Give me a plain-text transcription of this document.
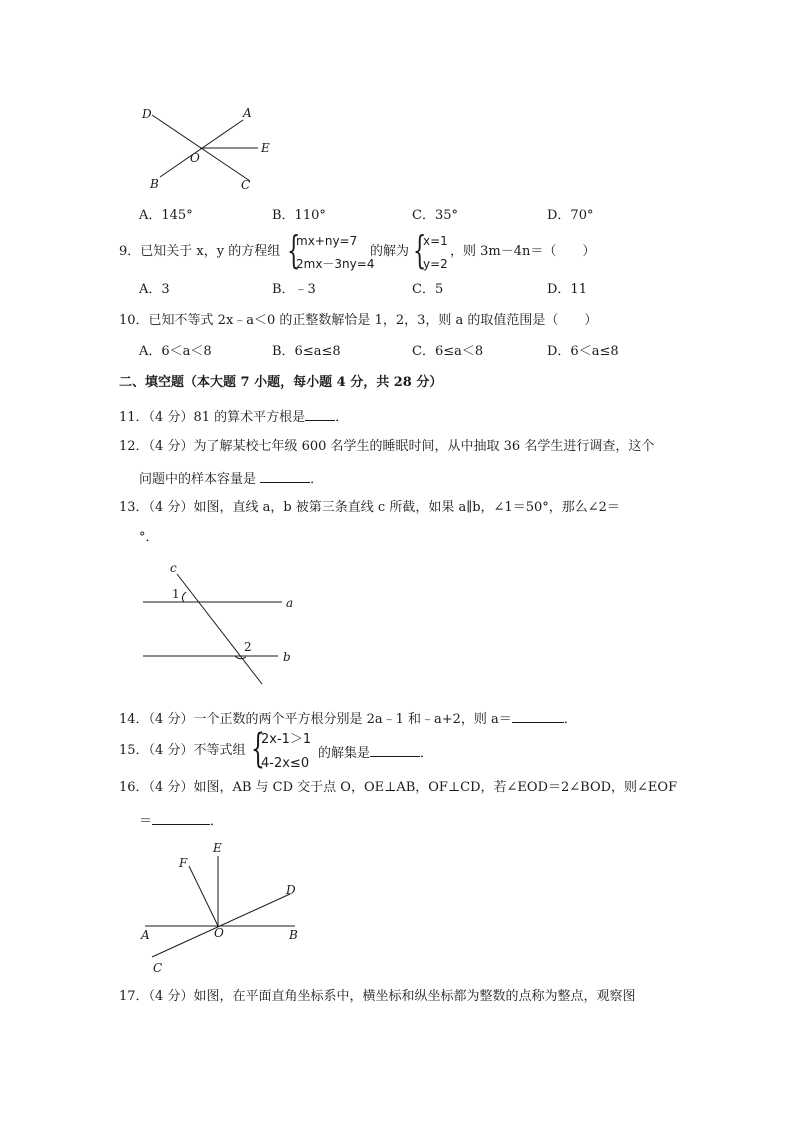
D	A
E
O
B	C
A．145°	B．110°	C．35°	D．70°
9．已知关于 x，y 的方程组 {
mx+ny=7
2mx－3ny=4
的解为 {
x=1
y=2
，则 3m－4n＝（　　）
A．3	B．﹣3	C．5	D．11
10．已知不等式 2x﹣a＜0 的正整数解恰是 1，2，3，则 a 的取值范围是（　　）
A．6＜a＜8	B．6≤a≤8	C．6≤a＜8	D．6＜a≤8
二、填空题（本大题 7 小题，每小题 4 分，共 28 分）
11．（4 分）81 的算术平方根是 ．
12．（4 分）为了解某校七年级 600 名学生的睡眠时间，从中抽取 36 名学生进行调查，这个
问题中的样本容量是	．
13．（4 分）如图，直线 a，b 被第三条直线 c 所截，如果 a∥b，∠1＝50°，那么∠2＝
°．
c
a
b
1
2
14．（4 分）一个正数的两个平方根分别是 2a﹣1 和﹣a+2，则 a＝	．
15．（4 分）不等式组 {
2x-1＞1
4-2x≤0
的解集是	．
16．（4 分）如图，AB 与 CD 交于点 O，OE⊥AB，OF⊥CD，若∠EOD＝2∠BOD，则∠EOF
＝	．
E
F
D
A	O	B
C
17．（4 分）如图，在平面直角坐标系中，横坐标和纵坐标都为整数的点称为整点，观察图
